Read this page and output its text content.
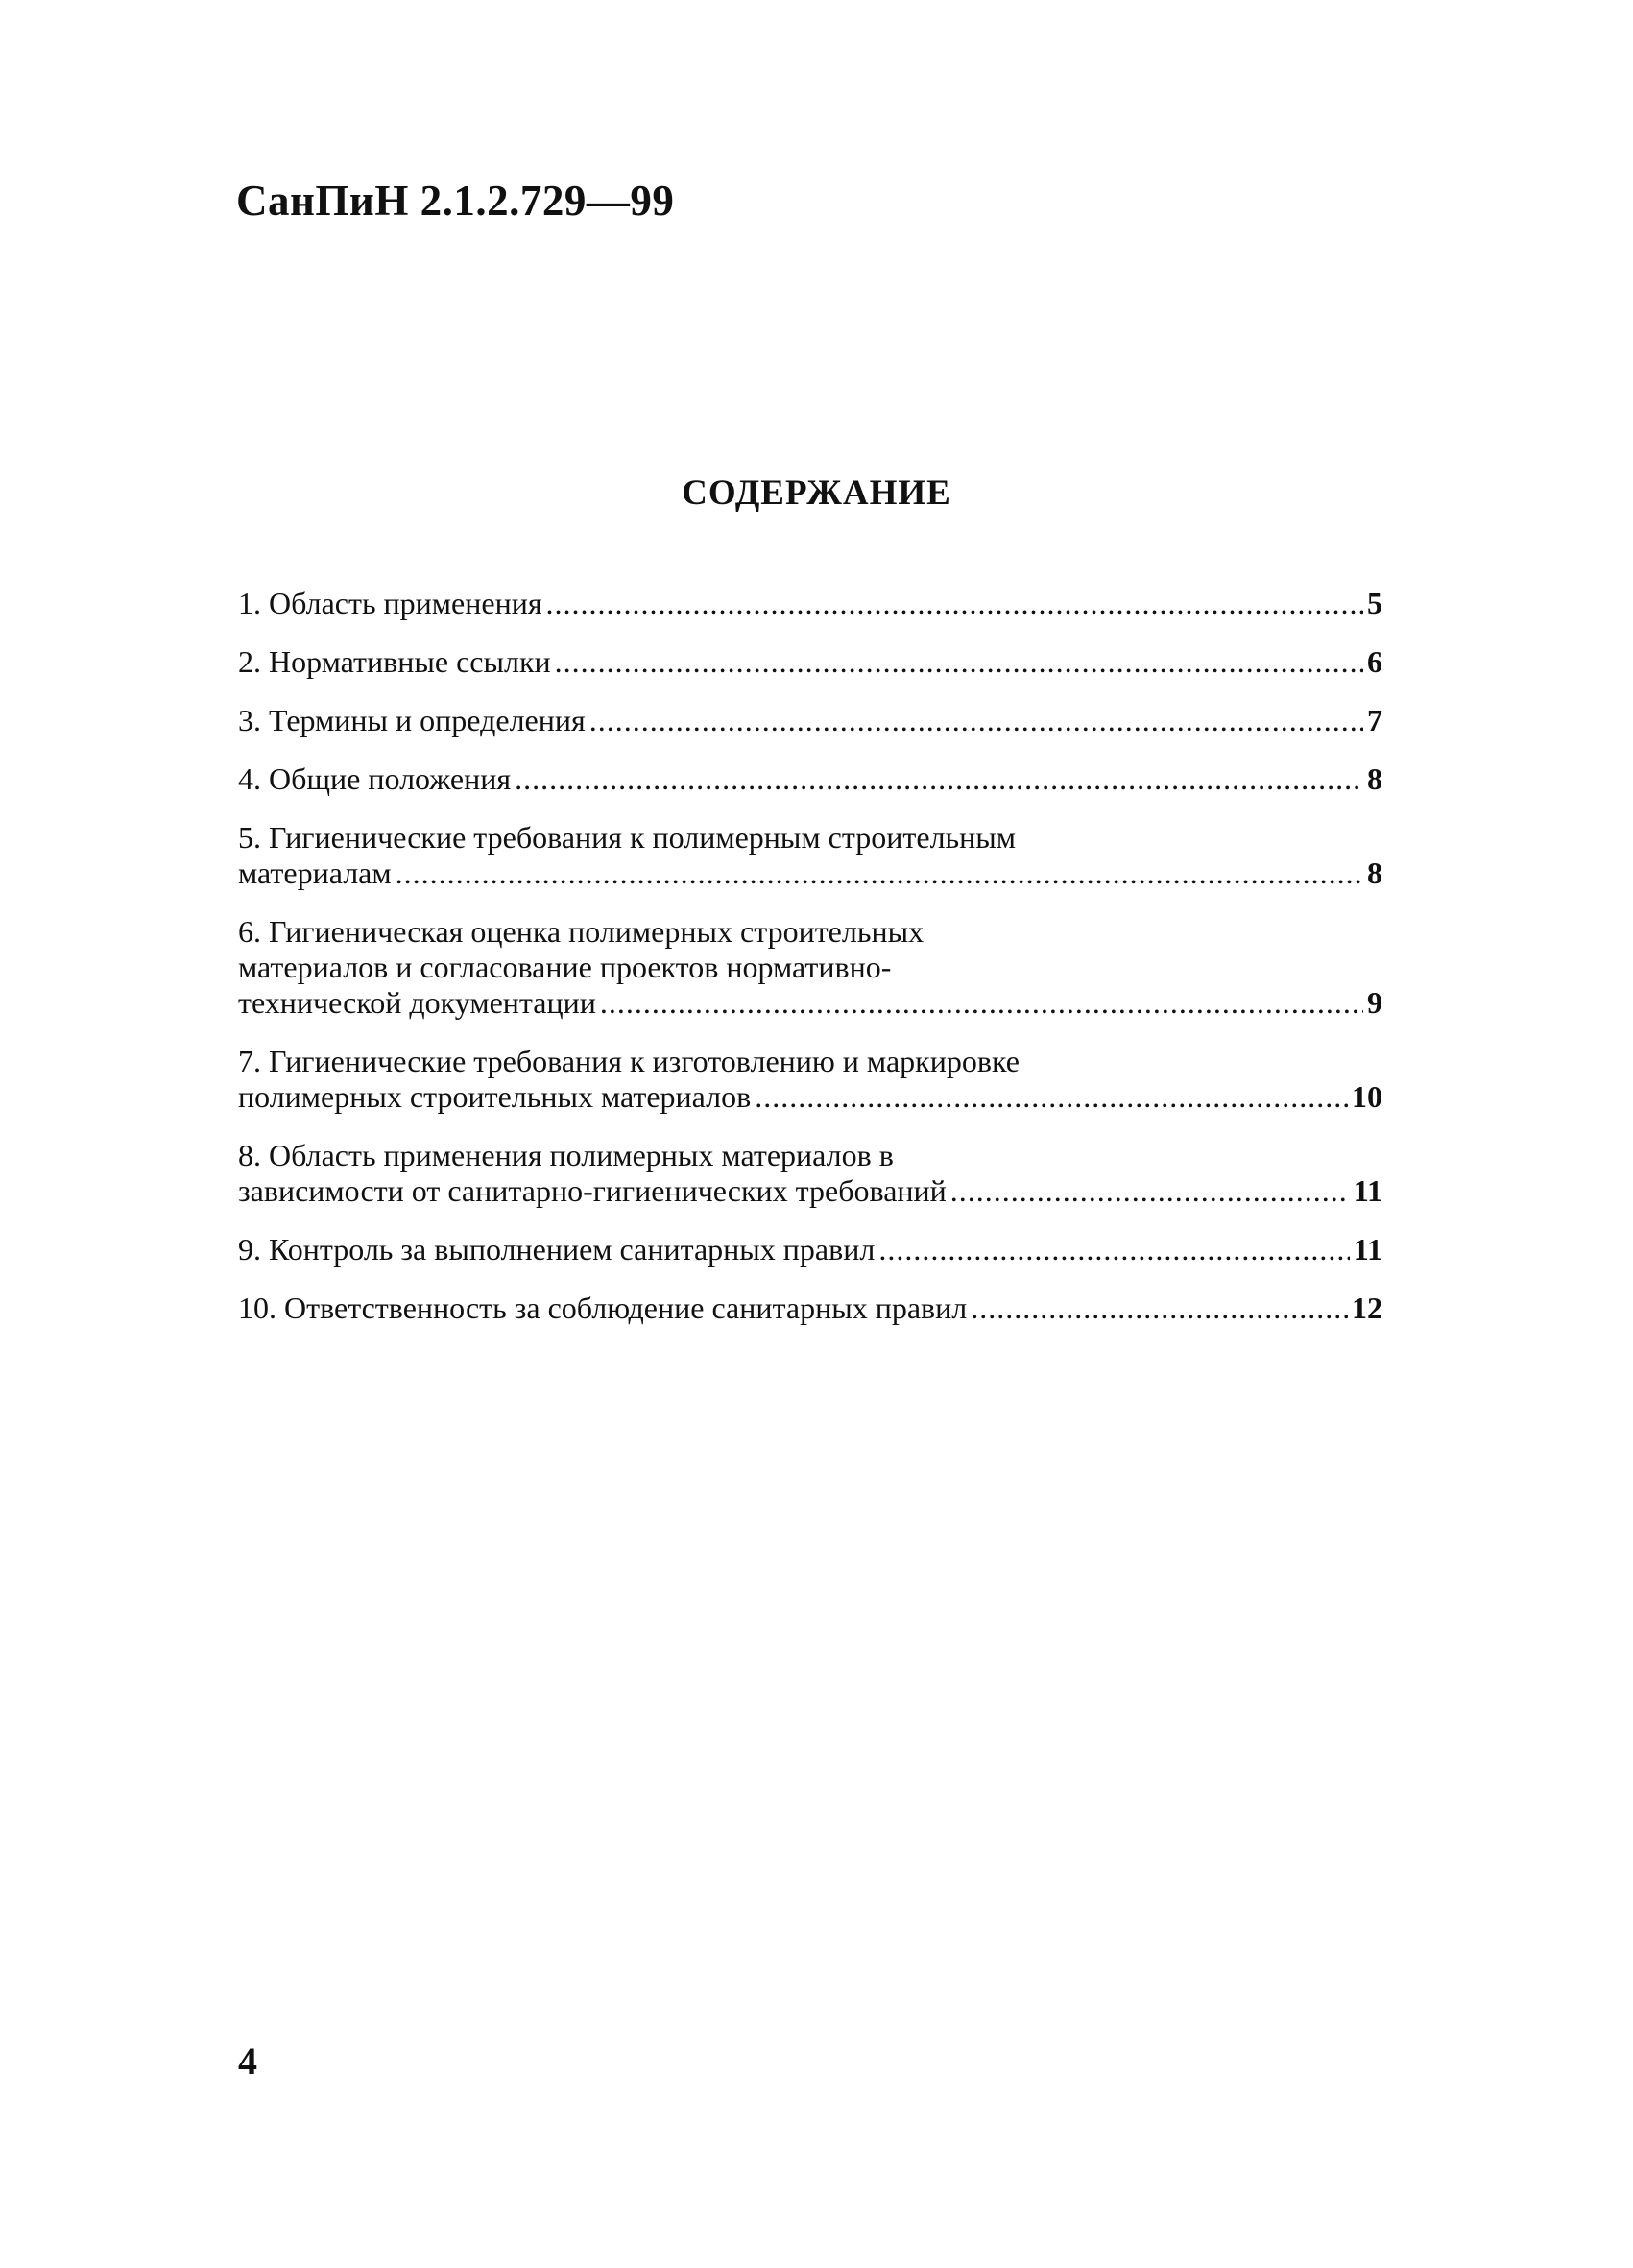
СанПиН 2.1.2.729—99
СОДЕРЖАНИЕ
1. Область применения .....	5
2. Нормативные ссылки .....	6
3. Термины и определения .....	7
4. Общие положения .....	8
5. Гигиенические требования к полимерным строительным
материалам .....	8
6. Гигиеническая оценка полимерных строительных
материалов и согласование проектов нормативно-
технической документации .....	9
7. Гигиенические требования к изготовлению и маркировке
полимерных строительных материалов .....	10
8. Область применения полимерных материалов в
зависимости от санитарно-гигиенических требований .....	11
9. Контроль за выполнением санитарных правил .....	11
10. Ответственность за соблюдение санитарных правил .....	12
4
